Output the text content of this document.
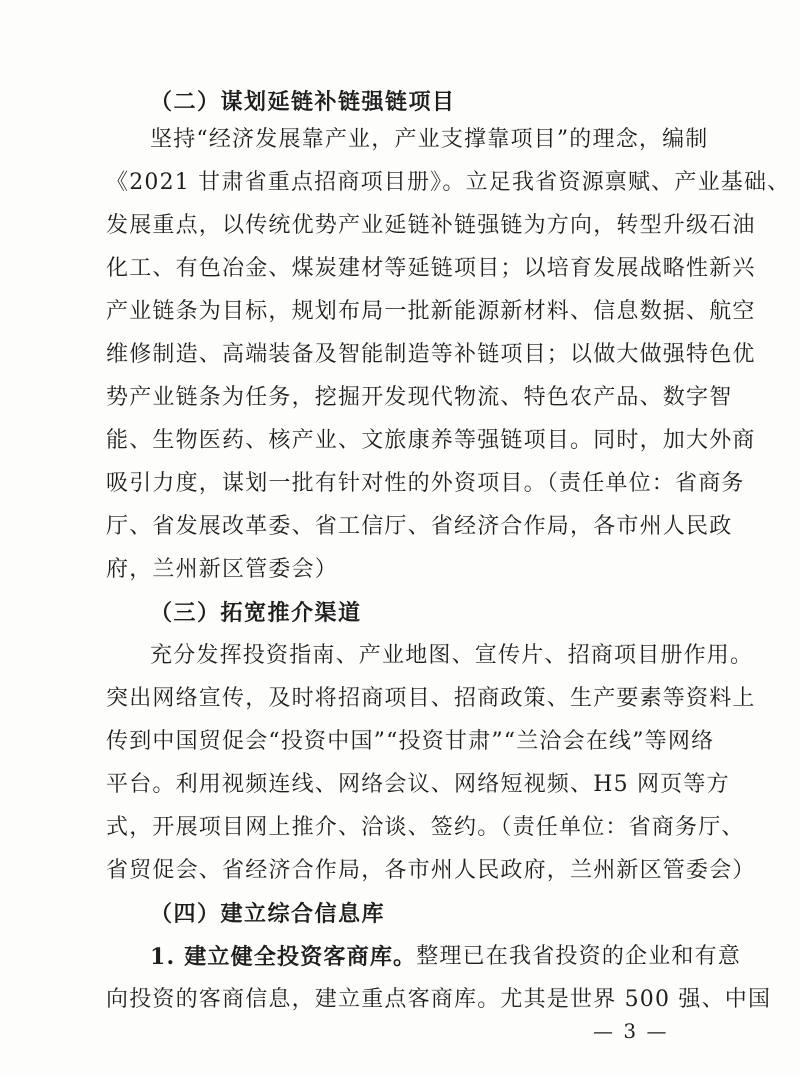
（二）谋划延链补链强链项目
坚持“经济发展靠产业，产业支撑靠项目”的理念，编制
《2021 甘肃省重点招商项目册》。立足我省资源禀赋、产业基础、
发展重点，以传统优势产业延链补链强链为方向，转型升级石油
化工、有色冶金、煤炭建材等延链项目；以培育发展战略性新兴
产业链条为目标，规划布局一批新能源新材料、信息数据、航空
维修制造、高端装备及智能制造等补链项目；以做大做强特色优
势产业链条为任务，挖掘开发现代物流、特色农产品、数字智
能、生物医药、核产业、文旅康养等强链项目。同时，加大外商
吸引力度，谋划一批有针对性的外资项目。（责任单位：省商务
厅、省发展改革委、省工信厅、省经济合作局，各市州人民政
府，兰州新区管委会）
（三）拓宽推介渠道
充分发挥投资指南、产业地图、宣传片、招商项目册作用。
突出网络宣传，及时将招商项目、招商政策、生产要素等资料上
传到中国贸促会“投资中国”“投资甘肃”“兰洽会在线”等网络
平台。利用视频连线、网络会议、网络短视频、H5 网页等方
式，开展项目网上推介、洽谈、签约。（责任单位：省商务厅、
省贸促会、省经济合作局，各市州人民政府，兰州新区管委会）
（四）建立综合信息库
1. 建立健全投资客商库。 整理已在我省投资的企业和有意
向投资的客商信息，建立重点客商库。尤其是世界 500 强、中国
— 3 —
